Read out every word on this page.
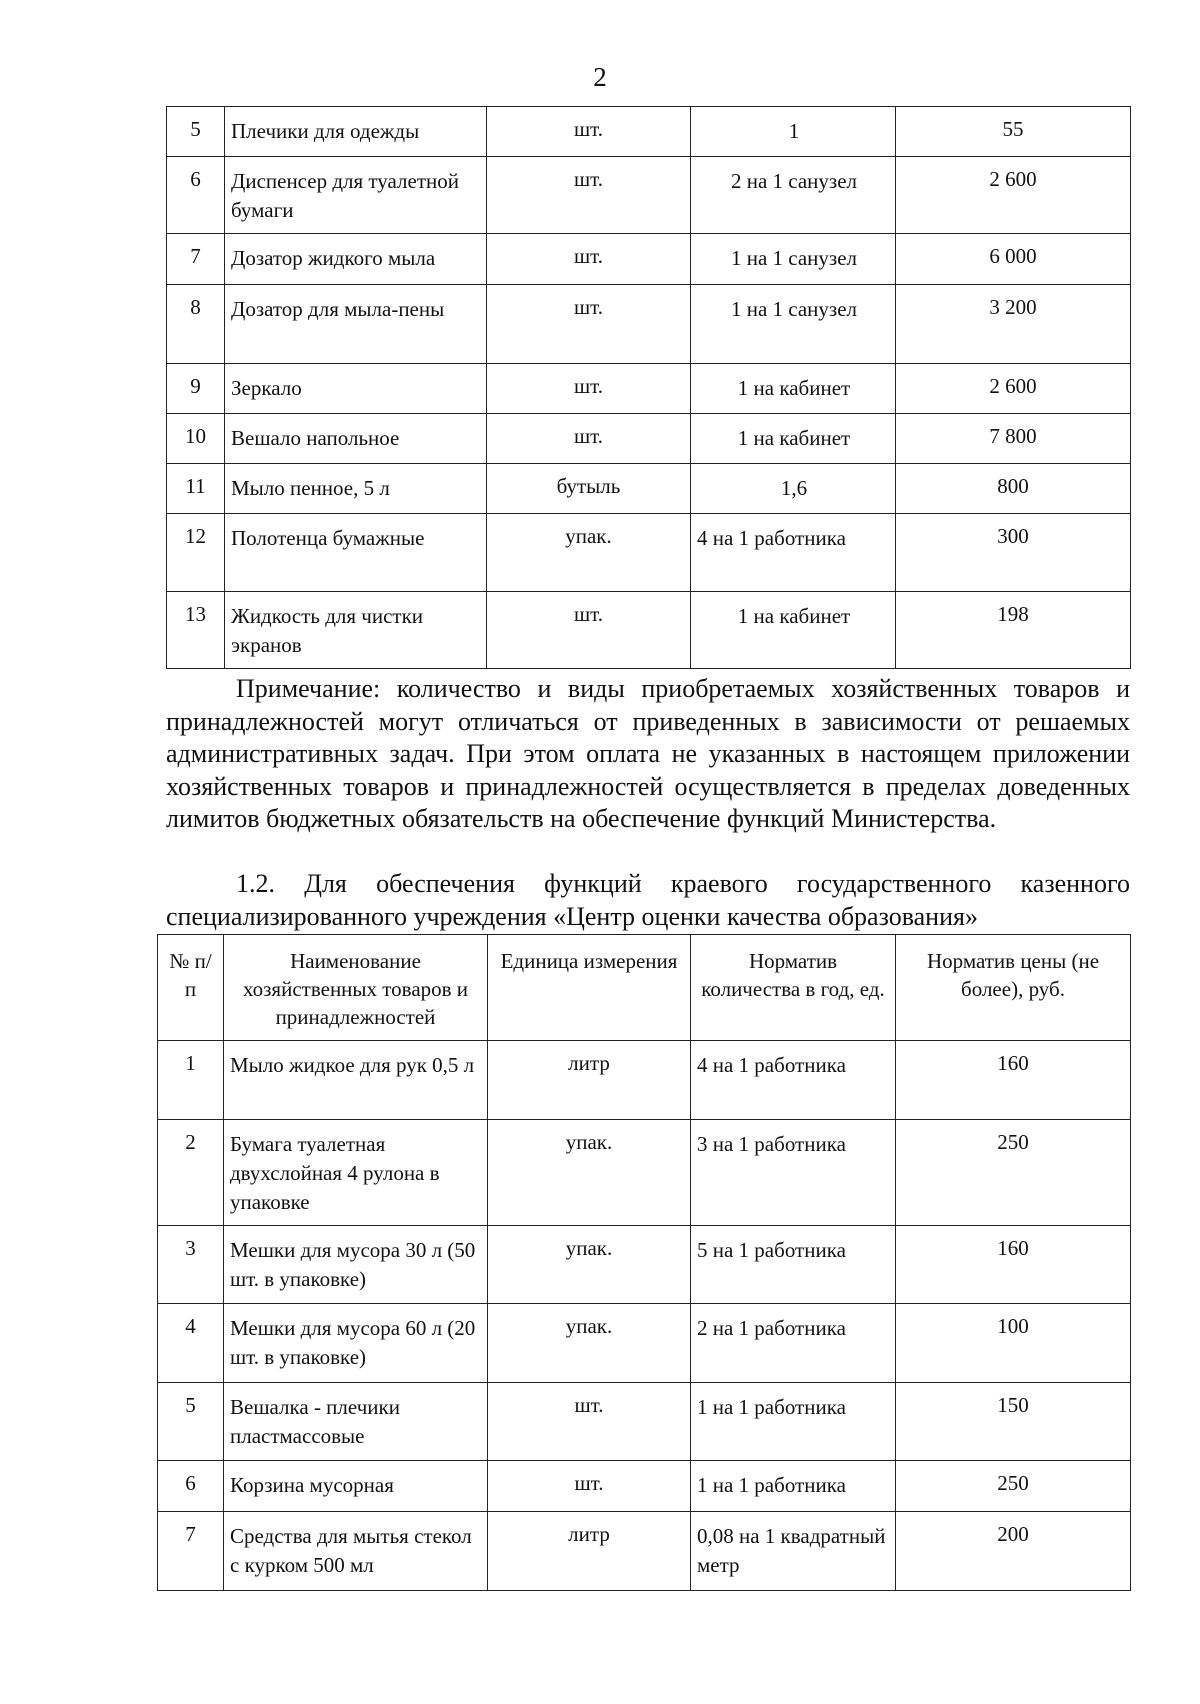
2
5	Плечики для одежды	шт.	1	55
6	Диспенсер для туалетной бумаги	шт.	2 на 1 санузел	2 600
7	Дозатор жидкого мыла	шт.	1 на 1 санузел	6 000
8	Дозатор для мыла-пены	шт.	1 на 1 санузел	3 200
9	Зеркало	шт.	1 на кабинет	2 600
10	Вешало напольное	шт.	1 на кабинет	7 800
11	Мыло пенное, 5 л	бутыль	1,6	800
12	Полотенца бумажные	упак.	4 на 1 работника	300
13	Жидкость для чистки экранов	шт.	1 на кабинет	198

Примечание: количество и виды приобретаемых хозяйственных товаров и принадлежностей могут отличаться от приведенных в зависимости от решаемых административных задач. При этом оплата не указанных в настоящем приложении хозяйственных товаров и принадлежностей осуществляется в пределах доведенных лимитов бюджетных обязательств на обеспечение функций Министерства.

1.2. Для обеспечения функций краевого государственного казенного специализированного учреждения «Центр оценки качества образования»

№ п/п	Наименование хозяйственных товаров и принадлежностей	Единица измерения	Норматив количества в год, ед.	Норматив цены (не более), руб.
1	Мыло жидкое для рук 0,5 л	литр	4 на 1 работника	160
2	Бумага туалетная двухслойная 4 рулона в упаковке	упак.	3 на 1 работника	250
3	Мешки для мусора 30 л (50 шт. в упаковке)	упак.	5 на 1 работника	160
4	Мешки для мусора 60 л (20 шт. в упаковке)	упак.	2 на 1 работника	100
5	Вешалка - плечики пластмассовые	шт.	1 на 1 работника	150
6	Корзина мусорная	шт.	1 на 1 работника	250
7	Средства для мытья стекол с курком 500 мл	литр	0,08 на 1 квадратный метр	200
